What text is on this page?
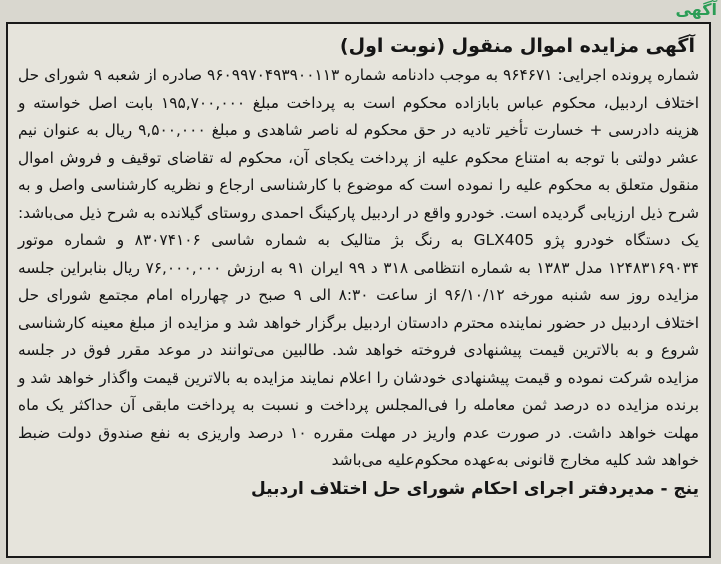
آگهی
آگهی مزایده اموال منقول (نوبت اول)

شماره پرونده اجرایی: ۹۶۴۶۷۱ به موجب دادنامه شماره ۹۶۰۹۹۷۰۴۹۳۹۰۰۱۱۳ صادره از شعبه ۹ شورای حل اختلاف اردبیل، محکوم عباس بابازاده محکوم است به پرداخت مبلغ ۱۹۵,۷۰۰,۰۰۰ بابت اصل خواسته و هزینه دادرسی + خسارت تأخیر تادیه در حق محکوم له ناصر شاهدی و مبلغ ۹,۵۰۰,۰۰۰ ریال به عنوان نیم عشر دولتی با توجه به امتناع محکوم علیه از پرداخت یکجای آن، محکوم له تقاضای توقیف و فروش اموال منقول متعلق به محکوم علیه را نموده است که موضوع با کارشناسی ارجاع و نظریه کارشناسی واصل و به شرح ذیل ارزیابی گردیده است. خودرو واقع در اردبیل پارکینگ احمدی روستای گیلانده به شرح ذیل می‌باشد: یک دستگاه خودرو پژو GLX405 به رنگ بژ متالیک به شماره شاسی ۸۳۰۷۴۱۰۶ و شماره موتور ۱۲۴۸۳۱۶۹۰۳۴ مدل ۱۳۸۳ به شماره انتظامی ۳۱۸ د ۹۹ ایران ۹۱ به ارزش ۷۶,۰۰۰,۰۰۰ ریال بنابراین جلسه مزایده روز سه شنبه مورخه ۹۶/۱۰/۱۲ از ساعت ۸:۳۰ الی ۹ صبح در چهارراه امام مجتمع شورای حل اختلاف اردبیل در حضور نماینده محترم دادستان اردبیل برگزار خواهد شد و مزایده از مبلغ معینه کارشناسی شروع و به بالاترین قیمت پیشنهادی فروخته خواهد شد. طالبین می‌توانند در موعد مقرر فوق در جلسه مزایده شرکت نموده و قیمت پیشنهادی خودشان را اعلام نمایند مزایده به بالاترین قیمت واگذار خواهد شد و برنده مزایده ده درصد ثمن معامله را فی‌المجلس پرداخت و نسبت به پرداخت مابقی آن حداکثر یک ماه مهلت خواهد داشت. در صورت عدم واریز در مهلت مقرره ۱۰ درصد واریزی به نفع صندوق دولت ضبط خواهد شد کلیه مخارج قانونی به‌عهده محکوم‌علیه می‌باشد

ینج - مدیردفتر اجرای احکام شورای حل اختلاف اردبیل
